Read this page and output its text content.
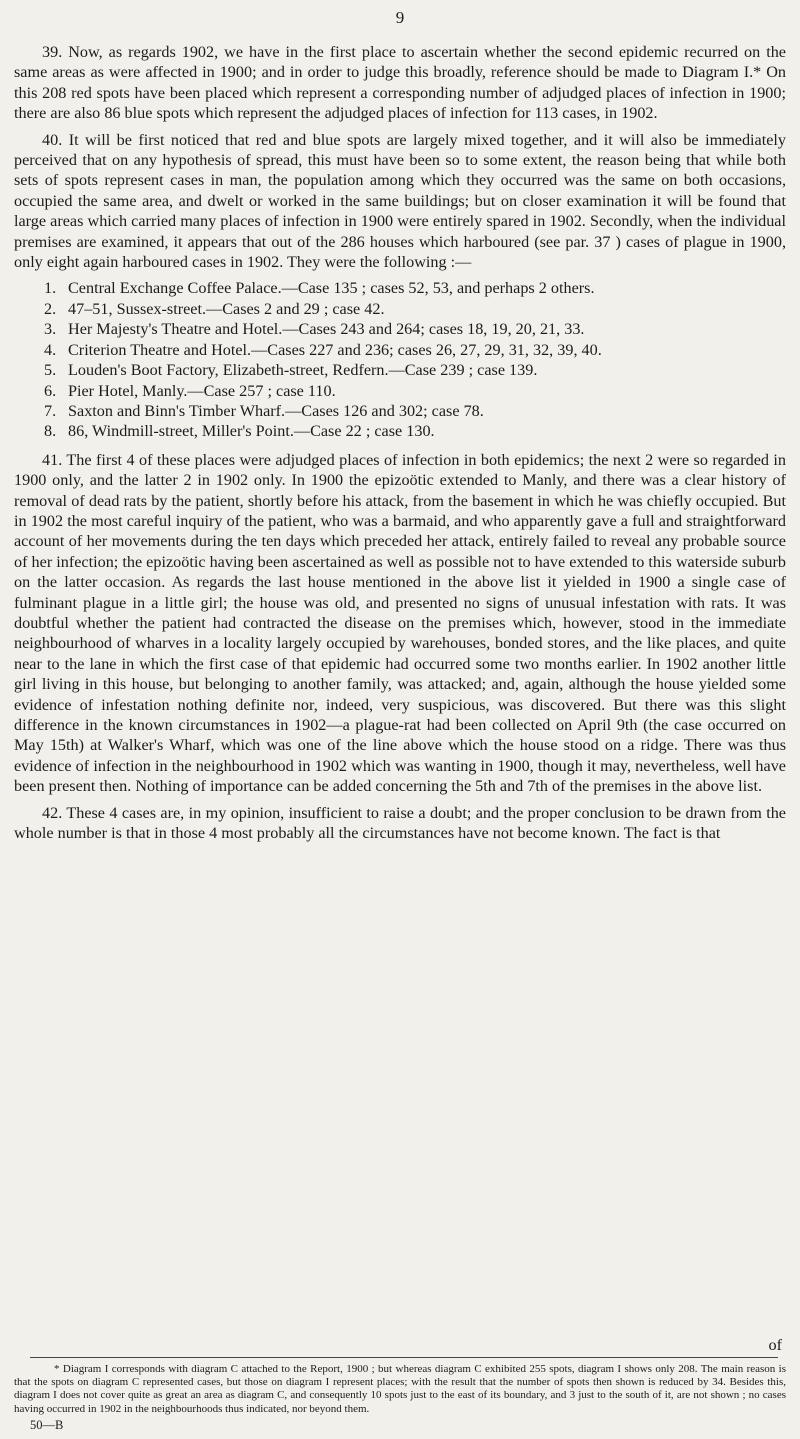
9

39. Now, as regards 1902, we have in the first place to ascertain whether the second epidemic recurred on the same areas as were affected in 1900; and in order to judge this broadly, reference should be made to Diagram I.* On this 208 red spots have been placed which represent a corresponding number of adjudged places of infection in 1900; there are also 86 blue spots which represent the adjudged places of infection for 113 cases, in 1902.

40. It will be first noticed that red and blue spots are largely mixed together, and it will also be immediately perceived that on any hypothesis of spread, this must have been so to some extent, the reason being that while both sets of spots represent cases in man, the population among which they occurred was the same on both occasions, occupied the same area, and dwelt or worked in the same buildings; but on closer examination it will be found that large areas which carried many places of infection in 1900 were entirely spared in 1902. Secondly, when the individual premises are examined, it appears that out of the 286 houses which harboured (see par. 37 ) cases of plague in 1900, only eight again harboured cases in 1902. They were the following :—

1. Central Exchange Coffee Palace.—Case 135 ; cases 52, 53, and perhaps 2 others.
2. 47–51, Sussex-street.—Cases 2 and 29 ; case 42.
3. Her Majesty's Theatre and Hotel.—Cases 243 and 264; cases 18, 19, 20, 21, 33.
4. Criterion Theatre and Hotel.—Cases 227 and 236; cases 26, 27, 29, 31, 32, 39, 40.
5. Louden's Boot Factory, Elizabeth-street, Redfern.—Case 239 ; case 139.
6. Pier Hotel, Manly.—Case 257 ; case 110.
7. Saxton and Binn's Timber Wharf.—Cases 126 and 302; case 78.
8. 86, Windmill-street, Miller's Point.—Case 22 ; case 130.

41. The first 4 of these places were adjudged places of infection in both epidemics; the next 2 were so regarded in 1900 only, and the latter 2 in 1902 only. In 1900 the epizoötic extended to Manly, and there was a clear history of removal of dead rats by the patient, shortly before his attack, from the basement in which he was chiefly occupied. But in 1902 the most careful inquiry of the patient, who was a barmaid, and who apparently gave a full and straightforward account of her movements during the ten days which preceded her attack, entirely failed to reveal any probable source of her infection; the epizoötic having been ascertained as well as possible not to have extended to this waterside suburb on the latter occasion. As regards the last house mentioned in the above list it yielded in 1900 a single case of fulminant plague in a little girl; the house was old, and presented no signs of unusual infestation with rats. It was doubtful whether the patient had contracted the disease on the premises which, however, stood in the immediate neighbourhood of wharves in a locality largely occupied by warehouses, bonded stores, and the like places, and quite near to the lane in which the first case of that epidemic had occurred some two months earlier. In 1902 another little girl living in this house, but belonging to another family, was attacked; and, again, although the house yielded some evidence of infestation nothing definite nor, indeed, very suspicious, was discovered. But there was this slight difference in the known circumstances in 1902—a plague-rat had been collected on April 9th (the case occurred on May 15th) at Walker's Wharf, which was one of the line above which the house stood on a ridge. There was thus evidence of infection in the neighbourhood in 1902 which was wanting in 1900, though it may, nevertheless, well have been present then. Nothing of importance can be added concerning the 5th and 7th of the premises in the above list.

42. These 4 cases are, in my opinion, insufficient to raise a doubt; and the proper conclusion to be drawn from the whole number is that in those 4 most probably all the circumstances have not become known. The fact is that

of
* Diagram I corresponds with diagram C attached to the Report, 1900 ; but whereas diagram C exhibited 255 spots, diagram I shows only 208. The main reason is that the spots on diagram C represented cases, but those on diagram I represent places; with the result that the number of spots then shown is reduced by 34. Besides this, diagram I does not cover quite as great an area as diagram C, and consequently 10 spots just to the east of its boundary, and 3 just to the south of it, are not shown ; no cases having occurred in 1902 in the neighbourhoods thus indicated, nor beyond them.
50—B
